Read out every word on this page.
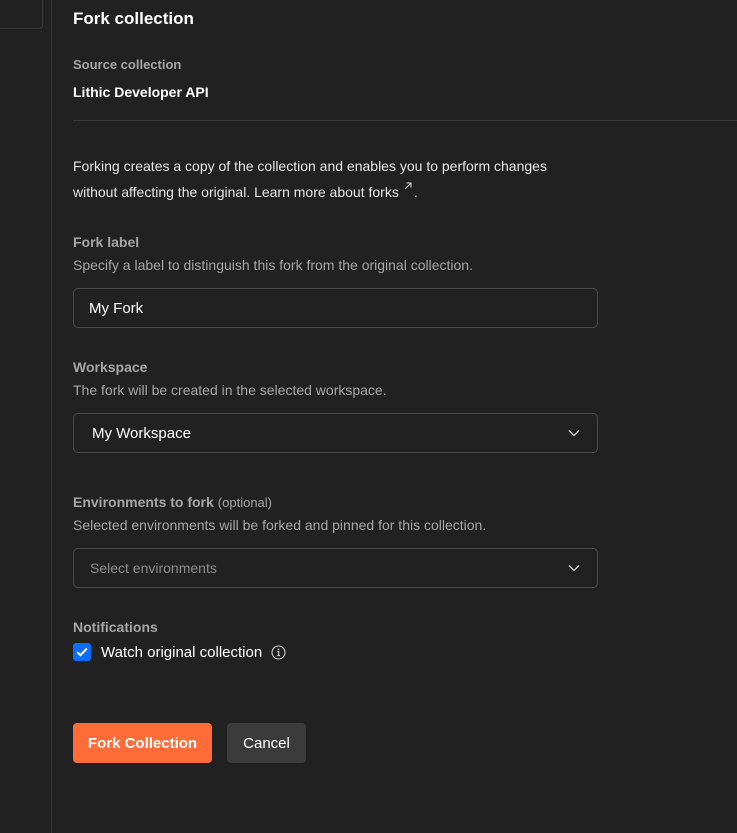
Fork collection
Source collection
Lithic Developer API
Forking creates a copy of the collection and enables you to perform changes without affecting the original. Learn more about forks .
Fork label
Specify a label to distinguish this fork from the original collection.
My Fork
Workspace
The fork will be created in the selected workspace.
My Workspace
Environments to fork (optional)
Selected environments will be forked and pinned for this collection.
Select environments
Notifications
Watch original collection
Fork Collection	Cancel
